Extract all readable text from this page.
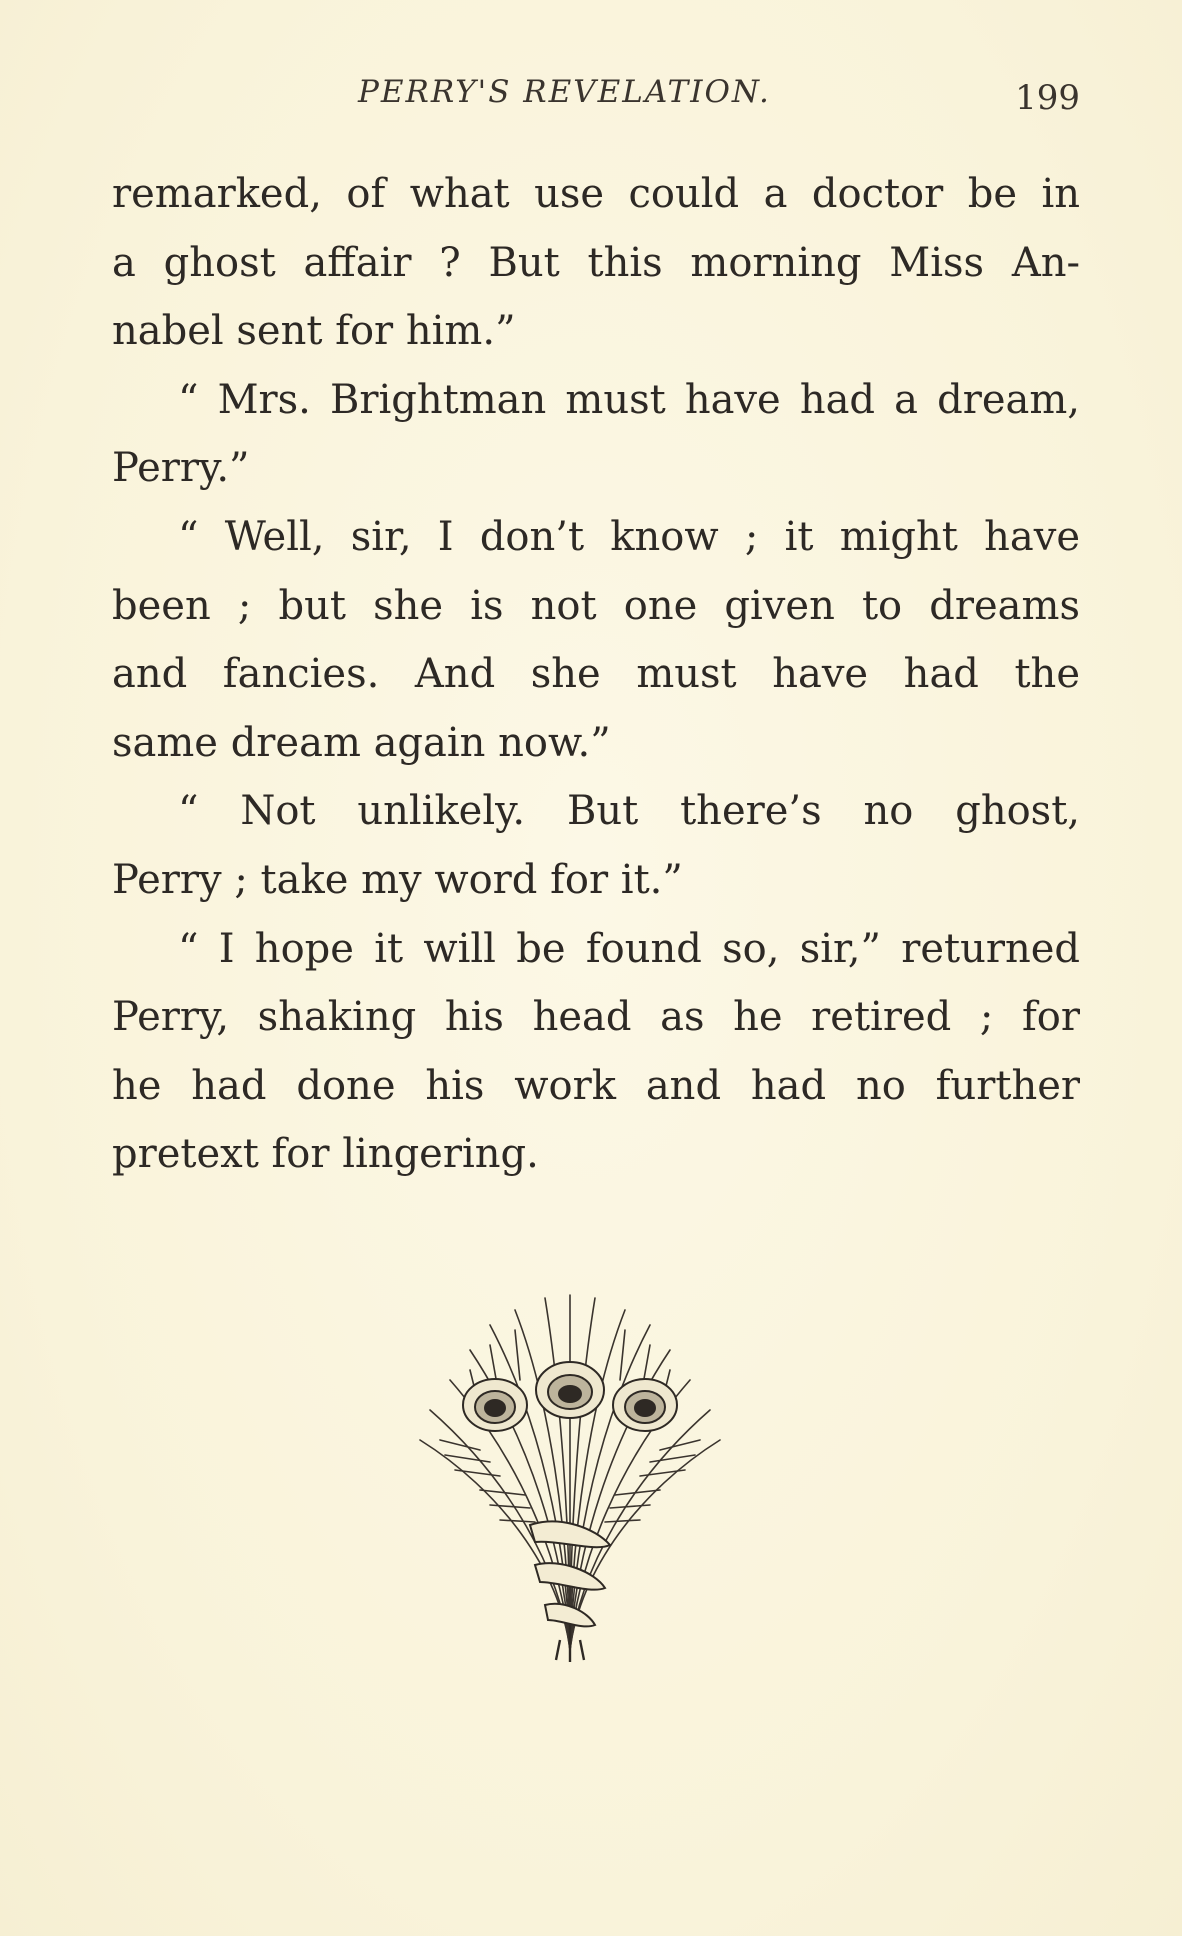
PERRY'S REVELATION.	199
remarked, of what use could a doctor be in
a ghost affair ? But this morning Miss An-
nabel sent for him.”
“ Mrs. Brightman must have had a dream,
Perry.”
“ Well, sir, I don’t know ; it might have
been ; but she is not one given to dreams
and fancies. And she must have had the
same dream again now.”
“ Not unlikely. But there’s no ghost,
Perry ; take my word for it.”
“ I hope it will be found so, sir,” returned
Perry, shaking his head as he retired ; for
he had done his work and had no further
pretext for lingering.
